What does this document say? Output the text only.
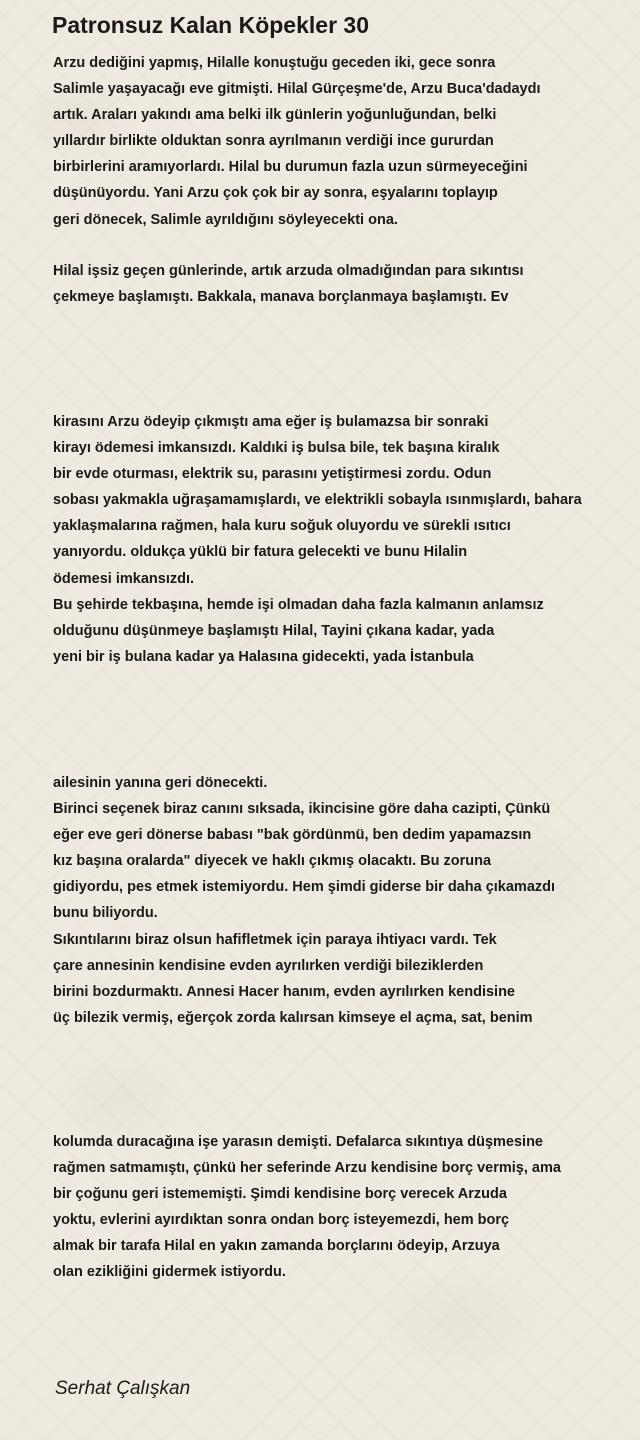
Patronsuz Kalan Köpekler 30
Arzu dediğini yapmış, Hilalle konuştuğu geceden iki, gece sonra
Salimle yaşayacağı eve gitmişti. Hilal Gürçeşme'de, Arzu Buca'dadaydı
artık. Araları yakındı ama belki ilk günlerin yoğunluğundan, belki
yıllardır birlikte olduktan sonra ayrılmanın verdiği ince gururdan
birbirlerini aramıyorlardı. Hilal bu durumun fazla uzun sürmeyeceğini
düşünüyordu. Yani Arzu çok çok bir ay sonra, eşyalarını toplayıp
geri dönecek, Salimle ayrıldığını söyleyecekti ona.
Hilal işsiz geçen günlerinde, artık arzuda olmadığından para sıkıntısı
çekmeye başlamıştı. Bakkala, manava borçlanmaya başlamıştı. Ev
kirasını Arzu ödeyip çıkmıştı ama eğer iş bulamazsa bir sonraki
kirayı ödemesi imkansızdı. Kaldıki iş bulsa bile, tek başına kiralık
bir evde oturması, elektrik su, parasını yetiştirmesi zordu. Odun
sobası yakmakla uğraşamamışlardı, ve elektrikli sobayla ısınmışlardı, bahara
yaklaşmalarına rağmen, hala kuru soğuk oluyordu ve sürekli ısıtıcı
yanıyordu. oldukça yüklü bir fatura gelecekti ve bunu Hilalin
ödemesi imkansızdı.
Bu şehirde tekbaşına, hemde işi olmadan daha fazla kalmanın anlamsız
olduğunu düşünmeye başlamıştı Hilal, Tayini çıkana kadar, yada
yeni bir iş bulana kadar ya Halasına gidecekti, yada İstanbula
ailesinin yanına geri dönecekti.
Birinci seçenek biraz canını sıksada, ikincisine göre daha cazipti, Çünkü
eğer eve geri dönerse babası "bak gördünmü, ben dedim yapamazsın
kız başına oralarda" diyecek ve haklı çıkmış olacaktı. Bu zoruna
gidiyordu, pes etmek istemiyordu. Hem şimdi giderse bir daha çıkamazdı
bunu biliyordu.
Sıkıntılarını biraz olsun hafifletmek için paraya ihtiyacı vardı. Tek
çare annesinin kendisine evden ayrılırken verdiği bileziklerden
birini bozdurmaktı. Annesi Hacer hanım, evden ayrılırken kendisine
üç bilezik vermiş, eğerçok zorda kalırsan kimseye el açma, sat, benim
kolumda duracağına işe yarasın demişti. Defalarca sıkıntıya düşmesine
rağmen satmamıştı, çünkü her seferinde Arzu kendisine borç vermiş, ama
bir çoğunu geri istememişti. Şimdi kendisine borç verecek Arzuda
yoktu, evlerini ayırdıktan sonra ondan borç isteyemezdi, hem borç
almak bir tarafa Hilal en yakın zamanda borçlarını ödeyip, Arzuya
olan ezikliğini gidermek istiyordu.
Serhat Çalışkan
